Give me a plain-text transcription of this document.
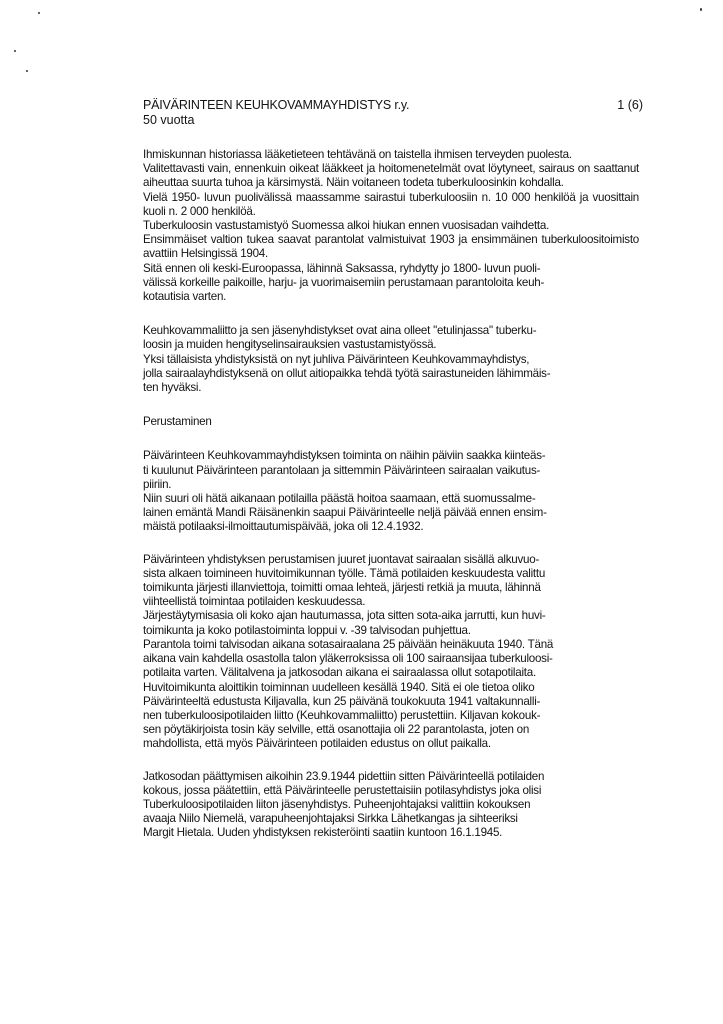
PÄIVÄRINTEEN KEUHKOVAMMAYHDISTYS r.y.	1 (6)
50 vuotta

Ihmiskunnan historiassa lääketieteen tehtävänä on taistella ihmisen terveyden puolesta.

Valitettavasti vain, ennenkuin oikeat lääkkeet ja hoitomenetelmät ovat löytyneet, sairaus on saattanut aiheuttaa suurta tuhoa ja kärsimystä. Näin voitaneen todeta tuberkuloosinkin kohdalla.

Vielä 1950- luvun puolivälissä maassamme sairastui tuberkuloosiin n. 10 000 henkilöä ja vuosittain kuoli n. 2 000 henkilöä.

Tuberkuloosin vastustamistyö Suomessa alkoi hiukan ennen vuosisadan vaihdetta.

Ensimmäiset valtion tukea saavat parantolat valmistuivat 1903 ja ensimmäinen tuberkuloositoimisto avattiin Helsingissä 1904.

Sitä ennen oli keski-Euroopassa, lähinnä Saksassa, ryhdytty jo 1800- luvun puoli-
välissä korkeille paikoille, harju- ja vuorimaisemiin perustamaan parantoloita keuh-
kotautisia varten.

Keuhkovammaliitto ja sen jäsenyhdistykset ovat aina olleet "etulinjassa" tuberku-
loosin ja muiden hengityselinsairauksien vastustamistyössä.

Yksi tällaisista yhdistyksistä on nyt juhliva Päivärinteen Keuhkovammayhdistys,
jolla sairaalayhdistyksenä on ollut aitiopaikka tehdä työtä sairastuneiden lähimmäis-
ten hyväksi.

Perustaminen

Päivärinteen Keuhkovammayhdistyksen toiminta on näihin päiviin saakka kiinteäs-
ti kuulunut Päivärinteen parantolaan ja sittemmin Päivärinteen sairaalan vaikutus-
piiriin.

Niin suuri oli hätä aikanaan potilailla päästä hoitoa saamaan, että suomussalme-
lainen emäntä Mandi Räisänenkin saapui Päivärinteelle neljä päivää ennen ensim-
mäistä potilaaksi-ilmoittautumispäivää, joka oli 12.4.1932.

Päivärinteen yhdistyksen perustamisen juuret juontavat sairaalan sisällä alkuvuo-
sista alkaen toimineen huvitoimikunnan työlle. Tämä potilaiden keskuudesta valittu
toimikunta järjesti illanviettoja, toimitti omaa lehteä, järjesti retkiä ja muuta, lähinnä
viihteellistä toimintaa potilaiden keskuudessa.

Järjestäytymisasia oli koko ajan hautumassa, jota sitten sota-aika jarrutti, kun huvi-
toimikunta ja koko potilastoiminta loppui v. -39 talvisodan puhjettua.

Parantola toimi talvisodan aikana sotasairaalana 25 päivään heinäkuuta 1940. Tänä
aikana vain kahdella osastolla talon yläkerroksissa oli 100 sairaansijaa tuberkuloosi-
potilaita varten. Välitalvena ja jatkosodan aikana ei sairaalassa ollut sotapotilaita.
Huvitoimikunta aloittikin toiminnan uudelleen kesällä 1940. Sitä ei ole tietoa oliko
Päivärinteeltä edustusta Kiljavalla, kun 25 päivänä toukokuuta 1941 valtakunnalli-
nen tuberkuloosipotilaiden liitto (Keuhkovammaliitto) perustettiin. Kiljavan kokouk-
sen pöytäkirjoista tosin käy selville, että osanottajia oli 22 parantolasta, joten on
mahdollista, että myös Päivärinteen potilaiden edustus on ollut paikalla.

Jatkosodan päättymisen aikoihin 23.9.1944 pidettiin sitten Päivärinteellä potilaiden
kokous, jossa päätettiin, että Päivärinteelle perustettaisiin potilasyhdistys joka olisi
Tuberkuloosipotilaiden liiton jäsenyhdistys. Puheenjohtajaksi valittiin kokouksen
avaaja Niilo Niemelä, varapuheenjohtajaksi Sirkka Lähetkangas ja sihteeriksi
Margit Hietala. Uuden yhdistyksen rekisteröinti saatiin kuntoon 16.1.1945.
